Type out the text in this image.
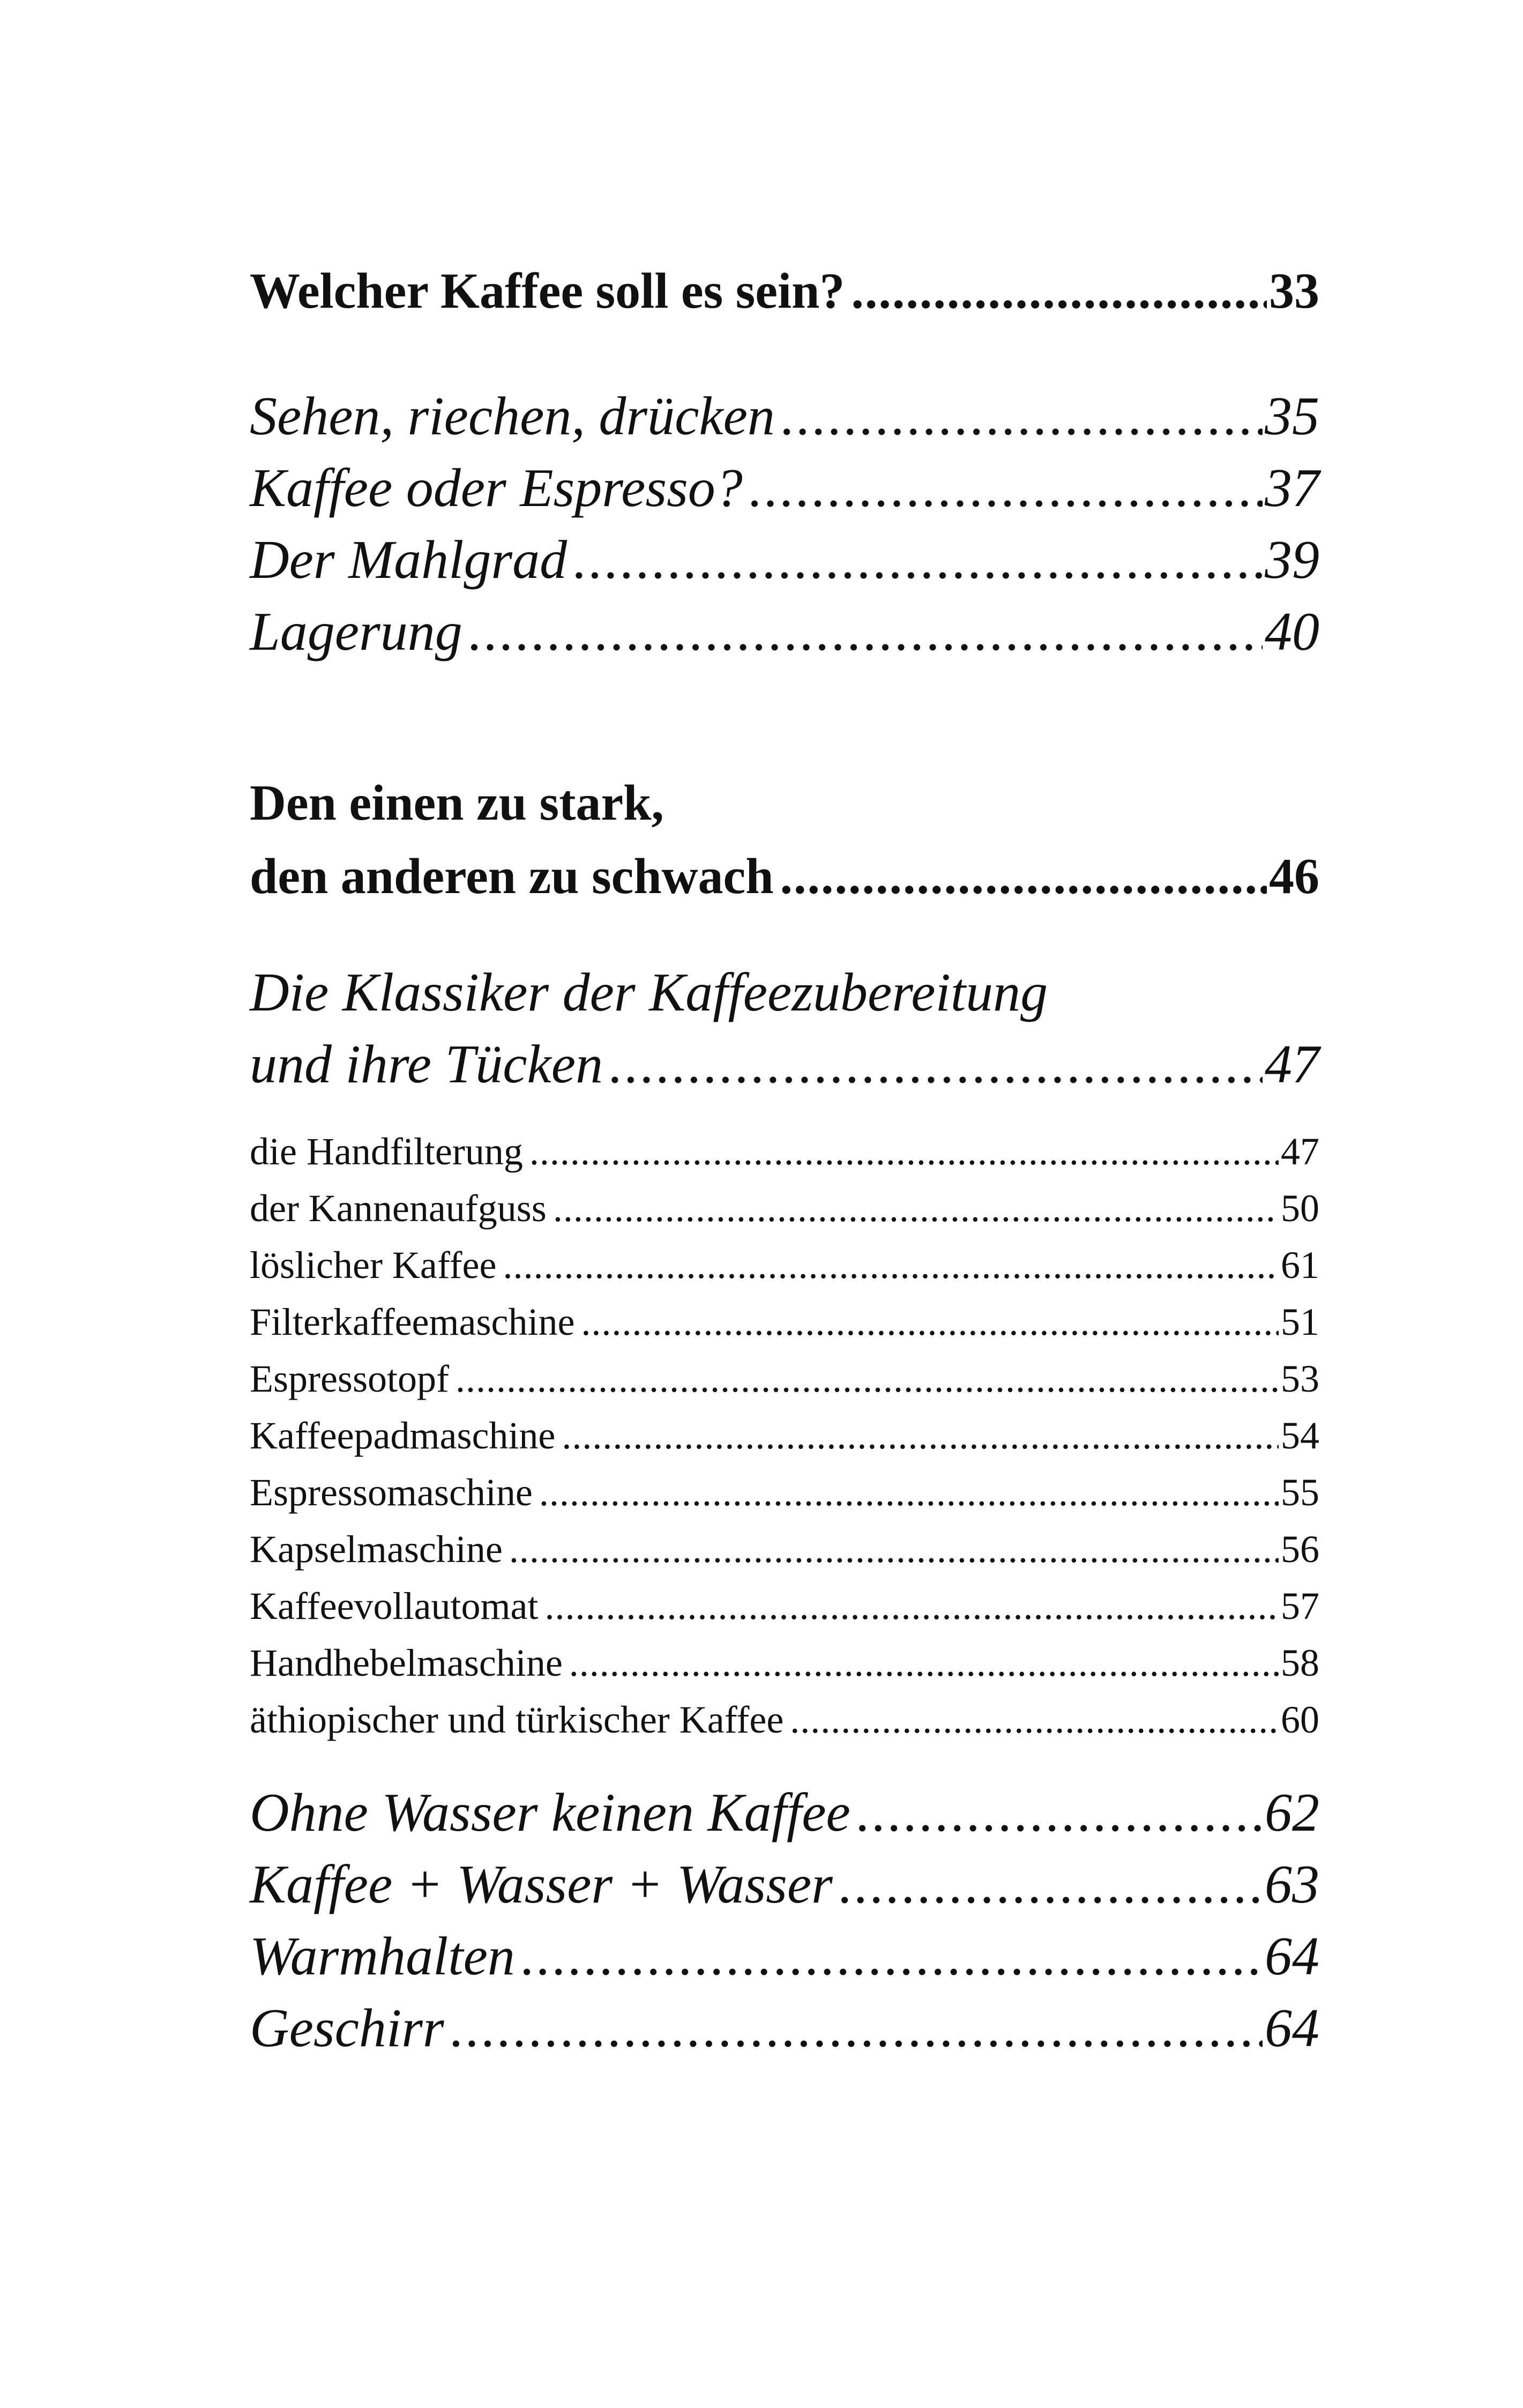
Welcher Kaffee soll es sein? .....	33
Sehen, riechen, drücken .....	35
Kaffee oder Espresso? .....	37
Der Mahlgrad .....	39
Lagerung .....	40
Den einen zu stark,
den anderen zu schwach .....	46
Die Klassiker der Kaffeezubereitung
und ihre Tücken .....	47
die Handfilterung .....	47
der Kannenaufguss .....	50
löslicher Kaffee .....	61
Filterkaffeemaschine .....	51
Espressotopf .....	53
Kaffeepadmaschine .....	54
Espressomaschine .....	55
Kapselmaschine .....	56
Kaffeevollautomat .....	57
Handhebelmaschine .....	58
äthiopischer und türkischer Kaffee .....	60
Ohne Wasser keinen Kaffee .....	62
Kaffee + Wasser + Wasser .....	63
Warmhalten .....	64
Geschirr .....	64
